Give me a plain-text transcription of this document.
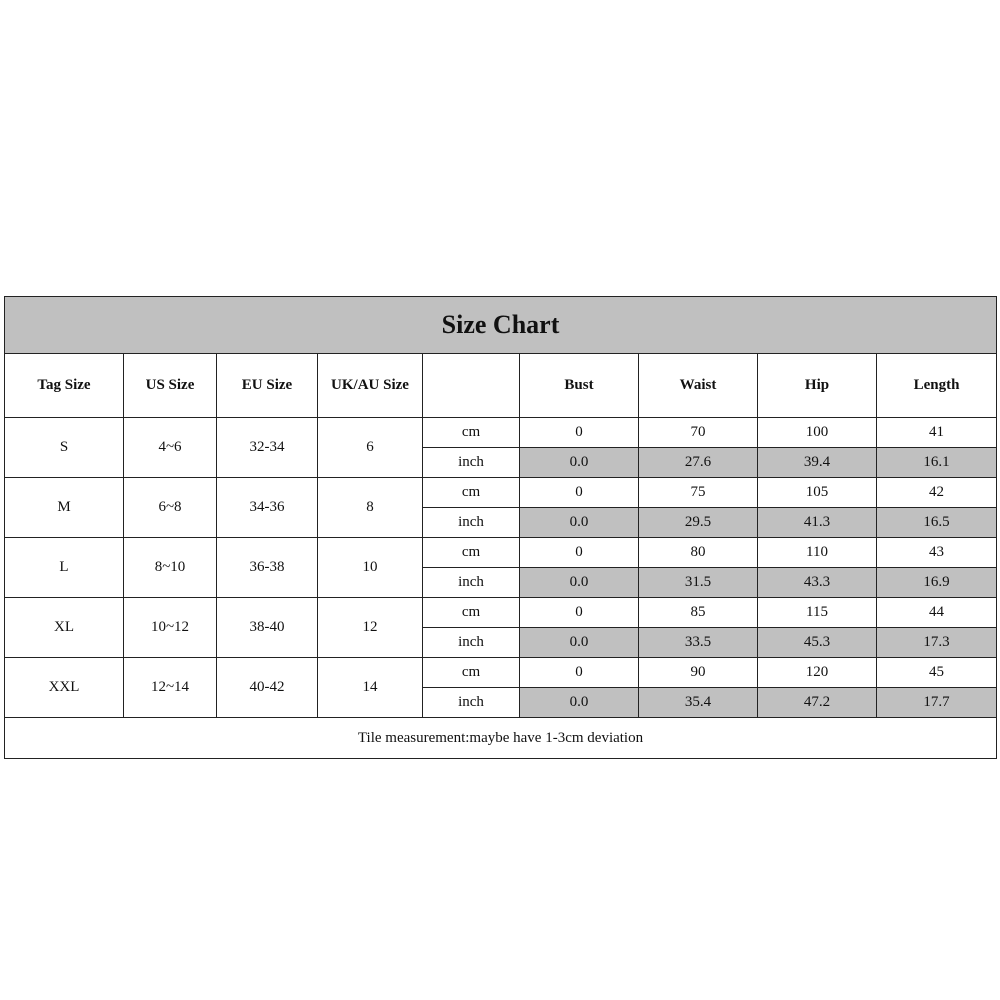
Size Chart								
Tag Size	US Size	EU Size	UK/AU Size		Bust	Waist	Hip	Length
S	4~6	32-34	6	cm	0	70	100	41
				inch	0.0	27.6	39.4	16.1
M	6~8	34-36	8	cm	0	75	105	42
				inch	0.0	29.5	41.3	16.5
L	8~10	36-38	10	cm	0	80	110	43
				inch	0.0	31.5	43.3	16.9
XL	10~12	38-40	12	cm	0	85	115	44
				inch	0.0	33.5	45.3	17.3
XXL	12~14	40-42	14	cm	0	90	120	45
				inch	0.0	35.4	47.2	17.7
Tile measurement:maybe have 1-3cm deviation								
